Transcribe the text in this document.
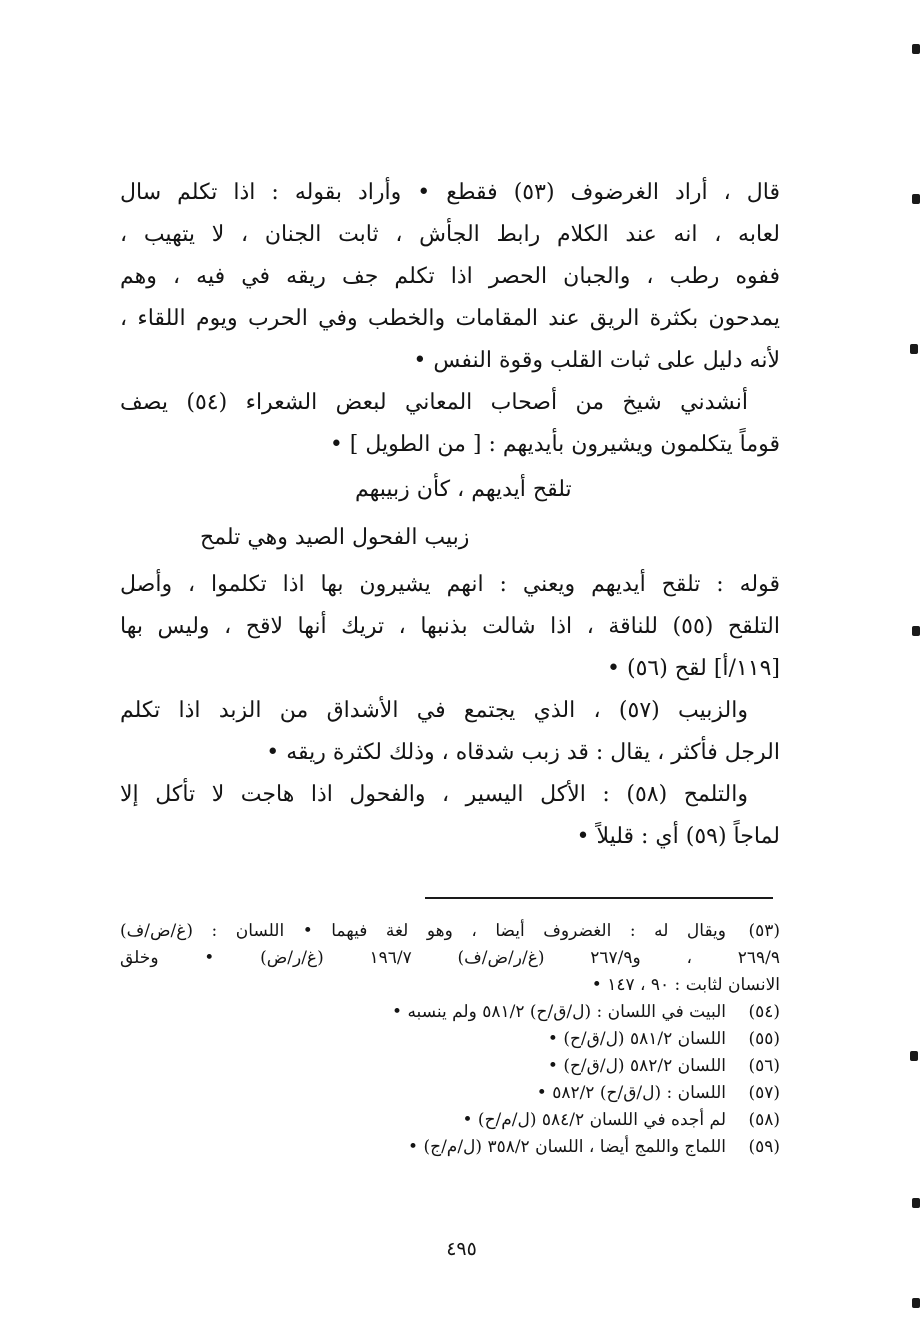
قال ، أراد الغرضوف (٥٣) فقطع • وأراد بقوله : اذا تكلم سال
لعابه ، انه عند الكلام رابط الجأش ، ثابت الجنان ، لا يتهيب ،
ففوه رطب ، والجبان الحصر اذا تكلم جف ريقه في فيه ، وهم
يمدحون بكثرة الريق عند المقامات والخطب وفي الحرب ويوم اللقاء ،
لأنه دليل على ثبات القلب وقوة النفس •
أنشدني شيخ من أصحاب المعاني لبعض الشعراء (٥٤) يصف
قوماً يتكلمون ويشيرون بأيديهم : [ من الطويل ] •
تلقح أيديهم ، كأن زبيبهم
زبيب الفحول الصيد وهي تلمح
قوله : تلقح أيديهم ويعني : انهم يشيرون بها اذا تكلموا ، وأصل
التلقح (٥٥) للناقة ، اذا شالت بذنبها ، تريك أنها لاقح ، وليس بها
[١١٩/أ] لقح (٥٦) •
والزبيب (٥٧) ، الذي يجتمع في الأشداق من الزبد اذا تكلم
الرجل فأكثر ، يقال : قد زبب شدقاه ، وذلك لكثرة ريقه •
والتلمح (٥٨) : الأكل اليسير ، والفحول اذا هاجت لا تأكل إلا
لماجاً (٥٩) أي : قليلاً •
(٥٣)
ويقال له : الغضروف أيضا ، وهو لغة فيهما • اللسان : (غ/ض/ف)
٢٦٩/٩ ، و٢٦٧/٩ (غ/ر/ض/ف) ١٩٦/٧ (غ/ر/ض) • وخلق
الانسان لثابت : ٩٠ ، ١٤٧ •
(٥٤)
البيت في اللسان : (ل/ق/ح) ٥٨١/٢ ولم ينسبه •
(٥٥)
اللسان ٥٨١/٢ (ل/ق/ح) •
(٥٦)
اللسان ٥٨٢/٢ (ل/ق/ح) •
(٥٧)
اللسان : (ل/ق/ح) ٥٨٢/٢ •
(٥٨)
لم أجده في اللسان ٥٨٤/٢ (ل/م/ح) •
(٥٩)
اللماج واللمج أيضا ، اللسان ٣٥٨/٢ (ل/م/ج) •
٤٩٥
